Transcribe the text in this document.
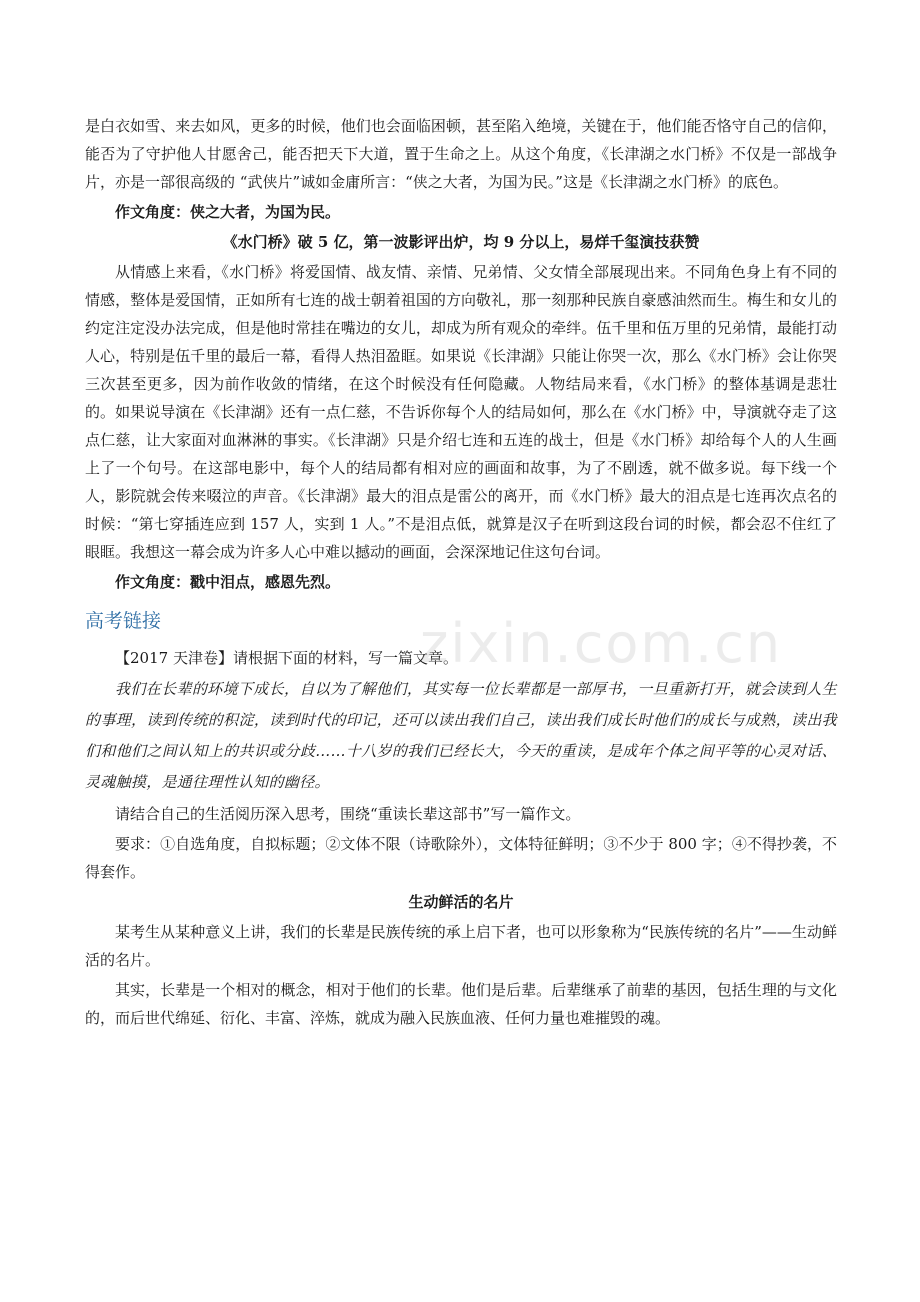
是白衣如雪、来去如风，更多的时候，他们也会面临困顿，甚至陷入绝境，关键在于，他们能否恪守自己的信仰，能否为了守护他人甘愿舍己，能否把天下大道，置于生命之上。从这个角度，《长津湖之水门桥》不仅是一部战争片，亦是一部很高级的 “武侠片”诚如金庸所言：“侠之大者，为国为民。”这是《长津湖之水门桥》的底色。

作文角度：侠之大者，为国为民。

《水门桥》破 5 亿，第一波影评出炉，均 9 分以上，易烊千玺演技获赞

从情感上来看，《水门桥》将爱国情、战友情、亲情、兄弟情、父女情全部展现出来。不同角色身上有不同的情感，整体是爱国情，正如所有七连的战士朝着祖国的方向敬礼，那一刻那种民族自豪感油然而生。梅生和女儿的约定注定没办法完成，但是他时常挂在嘴边的女儿，却成为所有观众的牵绊。伍千里和伍万里的兄弟情，最能打动人心，特别是伍千里的最后一幕，看得人热泪盈眶。如果说《长津湖》只能让你哭一次，那么《水门桥》会让你哭三次甚至更多，因为前作收敛的情绪，在这个时候没有任何隐藏。人物结局来看，《水门桥》的整体基调是悲壮的。如果说导演在《长津湖》还有一点仁慈，不告诉你每个人的结局如何，那么在《水门桥》中，导演就夺走了这点仁慈，让大家面对血淋淋的事实。《长津湖》只是介绍七连和五连的战士，但是《水门桥》却给每个人的人生画上了一个句号。在这部电影中，每个人的结局都有相对应的画面和故事，为了不剧透，就不做多说。每下线一个人，影院就会传来啜泣的声音。《长津湖》最大的泪点是雷公的离开，而《水门桥》最大的泪点是七连再次点名的时候：“第七穿插连应到 157 人，实到 1 人。”不是泪点低，就算是汉子在听到这段台词的时候，都会忍不住红了眼眶。我想这一幕会成为许多人心中难以撼动的画面，会深深地记住这句台词。

作文角度：戳中泪点，感恩先烈。

高考链接

【2017 天津卷】请根据下面的材料，写一篇文章。

我们在长辈的环境下成长，自以为了解他们，其实每一位长辈都是一部厚书，一旦重新打开，就会读到人生的事理，读到传统的积淀，读到时代的印记，还可以读出我们自己，读出我们成长时他们的成长与成熟，读出我们和他们之间认知上的共识或分歧……十八岁的我们已经长大，今天的重读，是成年个体之间平等的心灵对话、灵魂触摸，是通往理性认知的幽径。

请结合自己的生活阅历深入思考，围绕“重读长辈这部书”写一篇作文。

要求：①自选角度，自拟标题；②文体不限（诗歌除外），文体特征鲜明；③不少于 800 字；④不得抄袭，不得套作。

生动鲜活的名片

某考生从某种意义上讲，我们的长辈是民族传统的承上启下者，也可以形象称为“民族传统的名片”——生动鲜活的名片。

其实，长辈是一个相对的概念，相对于他们的长辈。他们是后辈。后辈继承了前辈的基因，包括生理的与文化的，而后世代绵延、衍化、丰富、淬炼，就成为融入民族血液、任何力量也难摧毁的魂。

zixin.com.cn
